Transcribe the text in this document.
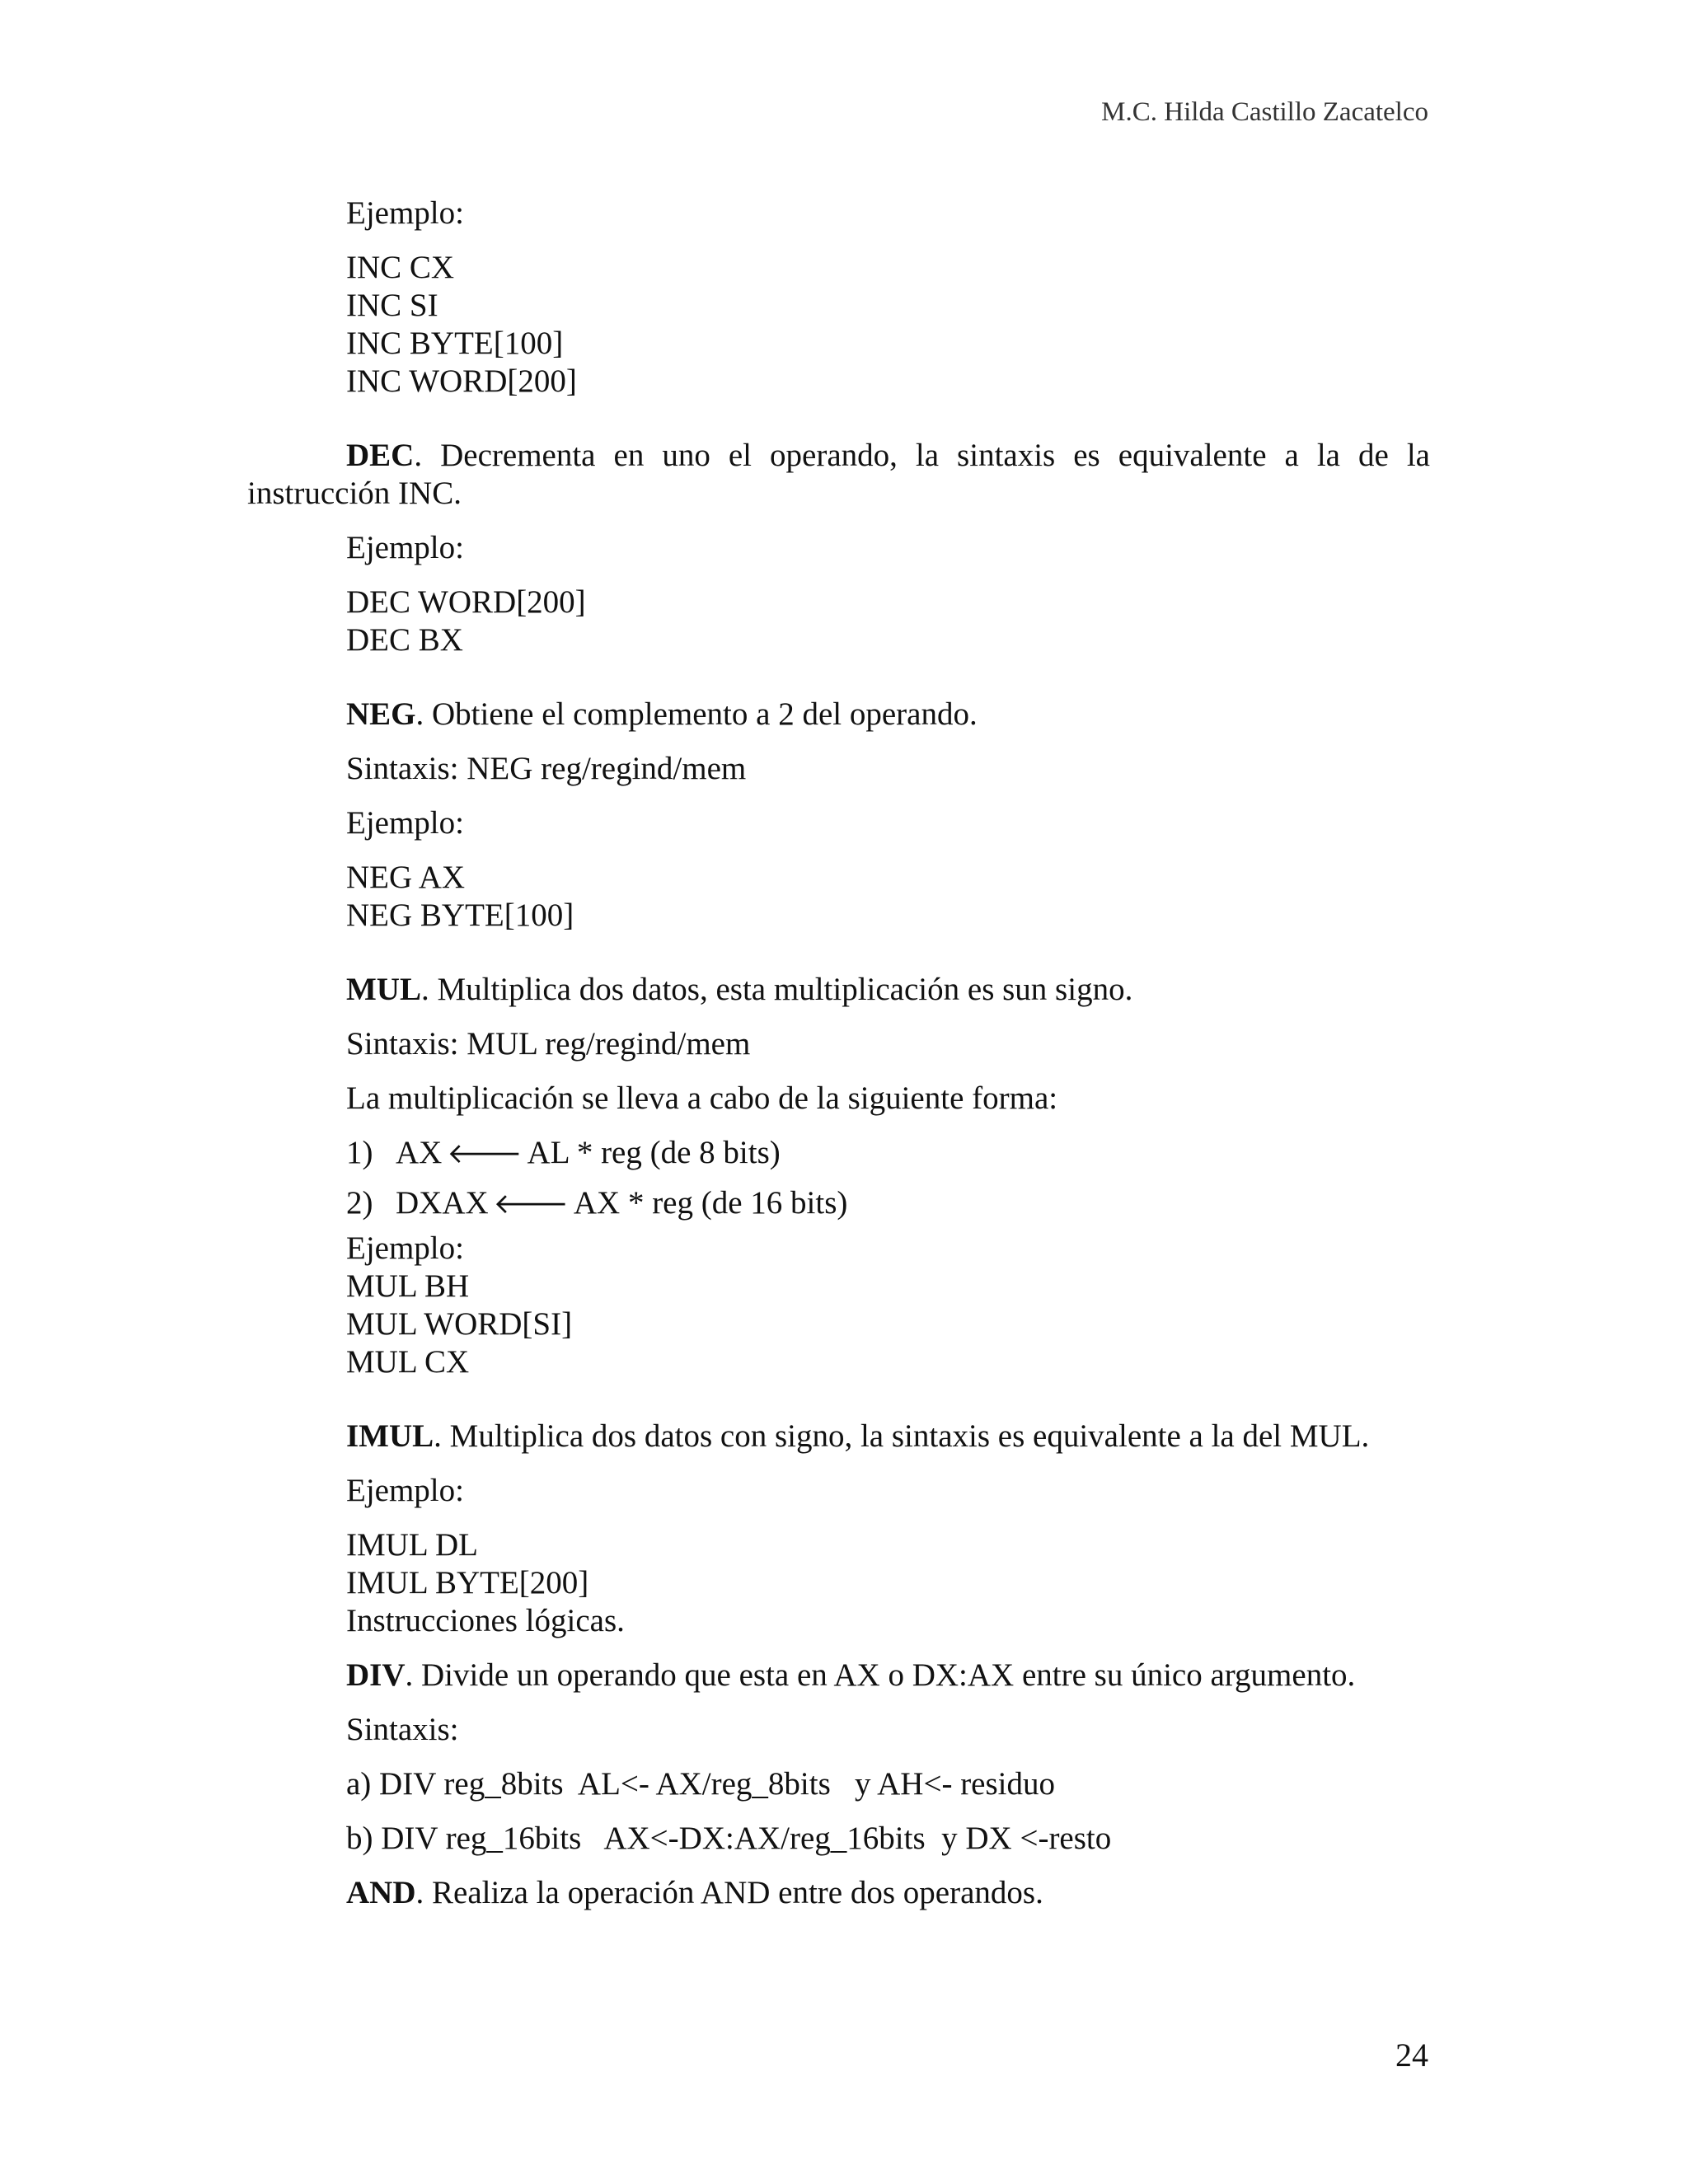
M.C. Hilda Castillo Zacatelco
Ejemplo:
INC CX
INC SI
INC BYTE[100]
INC WORD[200]
DEC. Decrementa en uno el operando, la sintaxis es equivalente a la de la instrucción INC.
Ejemplo:
DEC WORD[200]
DEC BX
NEG. Obtiene el complemento a 2 del operando.
Sintaxis: NEG reg/regind/mem
Ejemplo:
NEG AX
NEG BYTE[100]
MUL. Multiplica dos datos, esta multiplicación es sun signo.
Sintaxis: MUL reg/regind/mem
La multiplicación se lleva a cabo de la siguiente forma:
1) AX 🡐 AL * reg (de 8 bits)
2) DXAX 🡐 AX * reg (de 16 bits)
Ejemplo:
MUL BH
MUL WORD[SI]
MUL CX
IMUL. Multiplica dos datos con signo, la sintaxis es equivalente a la del MUL.
Ejemplo:
IMUL DL
IMUL BYTE[200]
Instrucciones lógicas.
DIV. Divide un operando que esta en AX o DX:AX entre su único argumento.
Sintaxis:
a) DIV reg_8bits  AL<- AX/reg_8bits   y AH<- residuo
b) DIV reg_16bits   AX<-DX:AX/reg_16bits  y DX <-resto
AND. Realiza la operación AND entre dos operandos.
24
